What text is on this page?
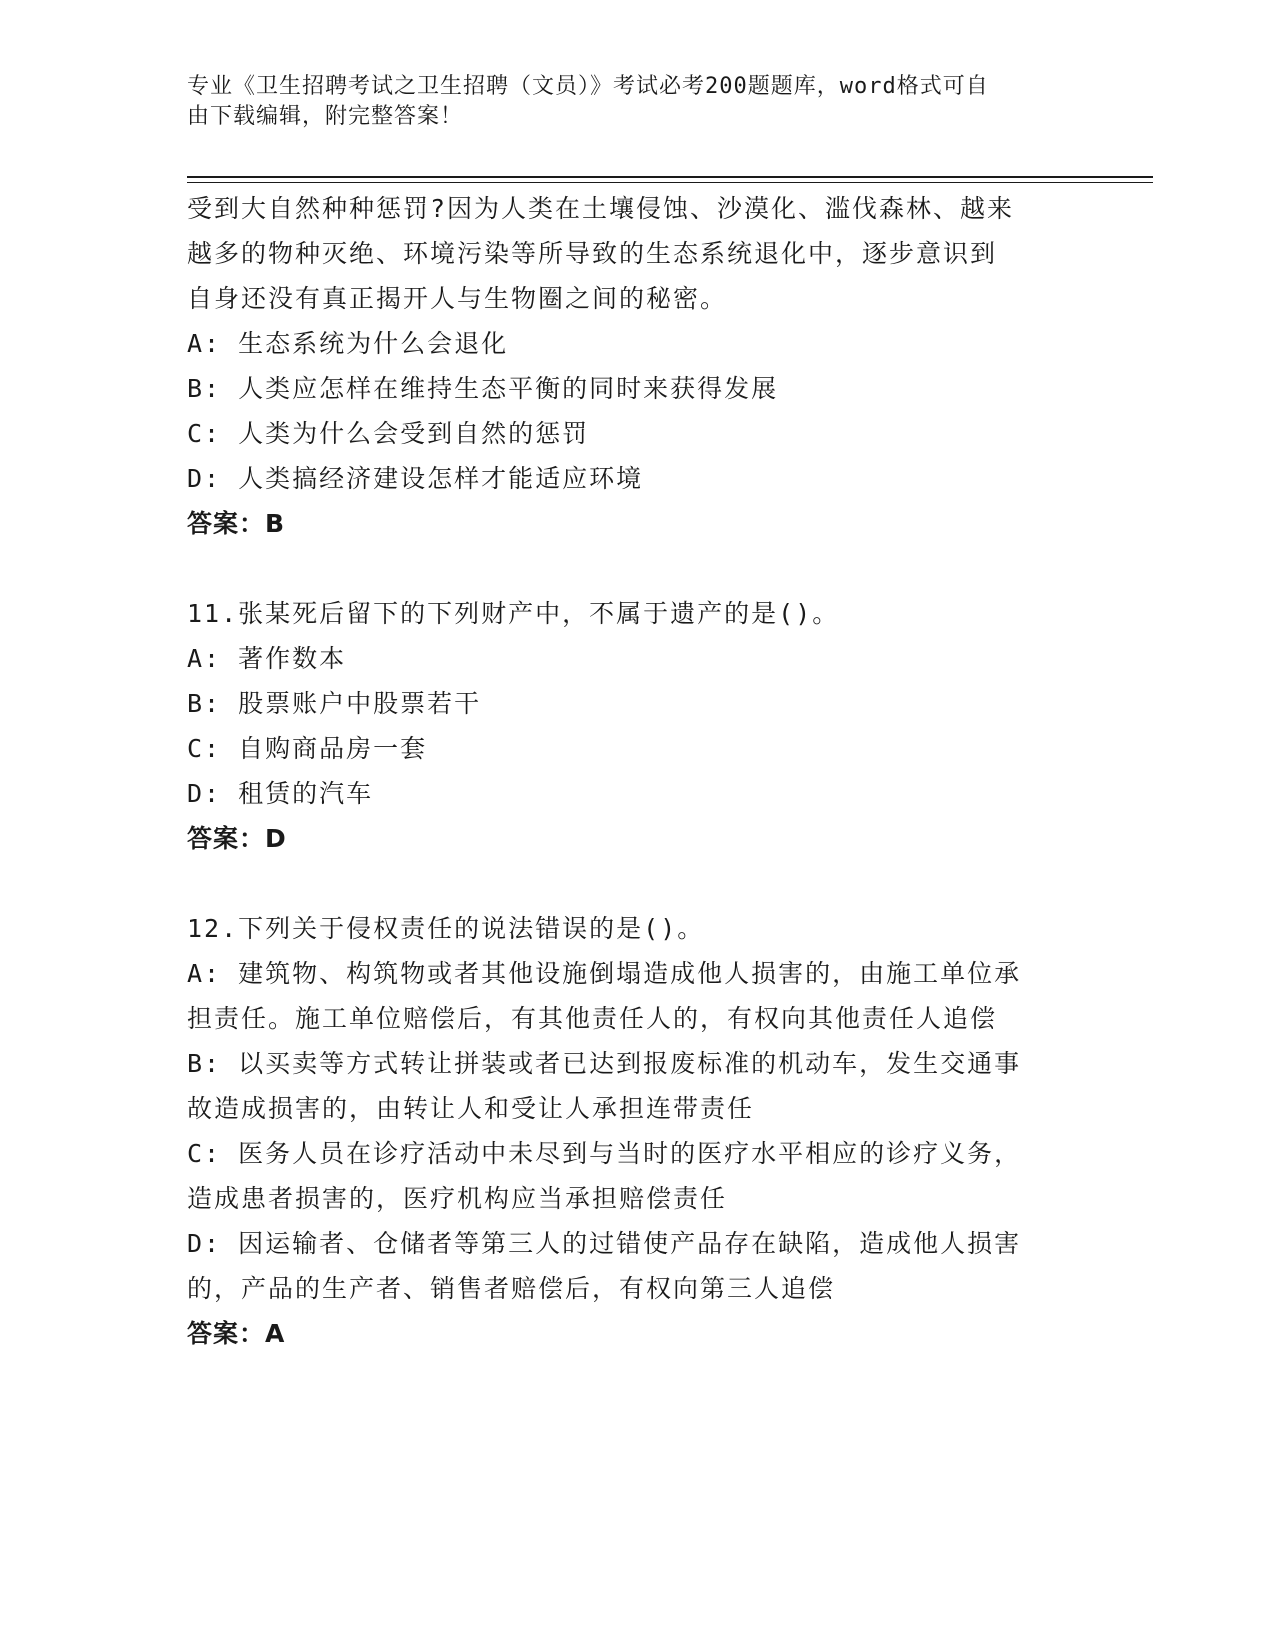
专业《卫生招聘考试之卫生招聘（文员）》考试必考200题题库，word格式可自
由下载编辑，附完整答案！
受到大自然种种惩罚?因为人类在土壤侵蚀、沙漠化、滥伐森林、越来
越多的物种灭绝、环境污染等所导致的生态系统退化中，逐步意识到
自身还没有真正揭开人与生物圈之间的秘密。
A: 生态系统为什么会退化
B: 人类应怎样在维持生态平衡的同时来获得发展
C: 人类为什么会受到自然的惩罚
D: 人类搞经济建设怎样才能适应环境
答案：B
11.张某死后留下的下列财产中，不属于遗产的是()。
A: 著作数本
B: 股票账户中股票若干
C: 自购商品房一套
D: 租赁的汽车
答案：D
12.下列关于侵权责任的说法错误的是()。
A: 建筑物、构筑物或者其他设施倒塌造成他人损害的，由施工单位承
担责任。施工单位赔偿后，有其他责任人的，有权向其他责任人追偿
B: 以买卖等方式转让拼装或者已达到报废标准的机动车，发生交通事
故造成损害的，由转让人和受让人承担连带责任
C: 医务人员在诊疗活动中未尽到与当时的医疗水平相应的诊疗义务，
造成患者损害的，医疗机构应当承担赔偿责任
D: 因运输者、仓储者等第三人的过错使产品存在缺陷，造成他人损害
的，产品的生产者、销售者赔偿后，有权向第三人追偿
答案：A
